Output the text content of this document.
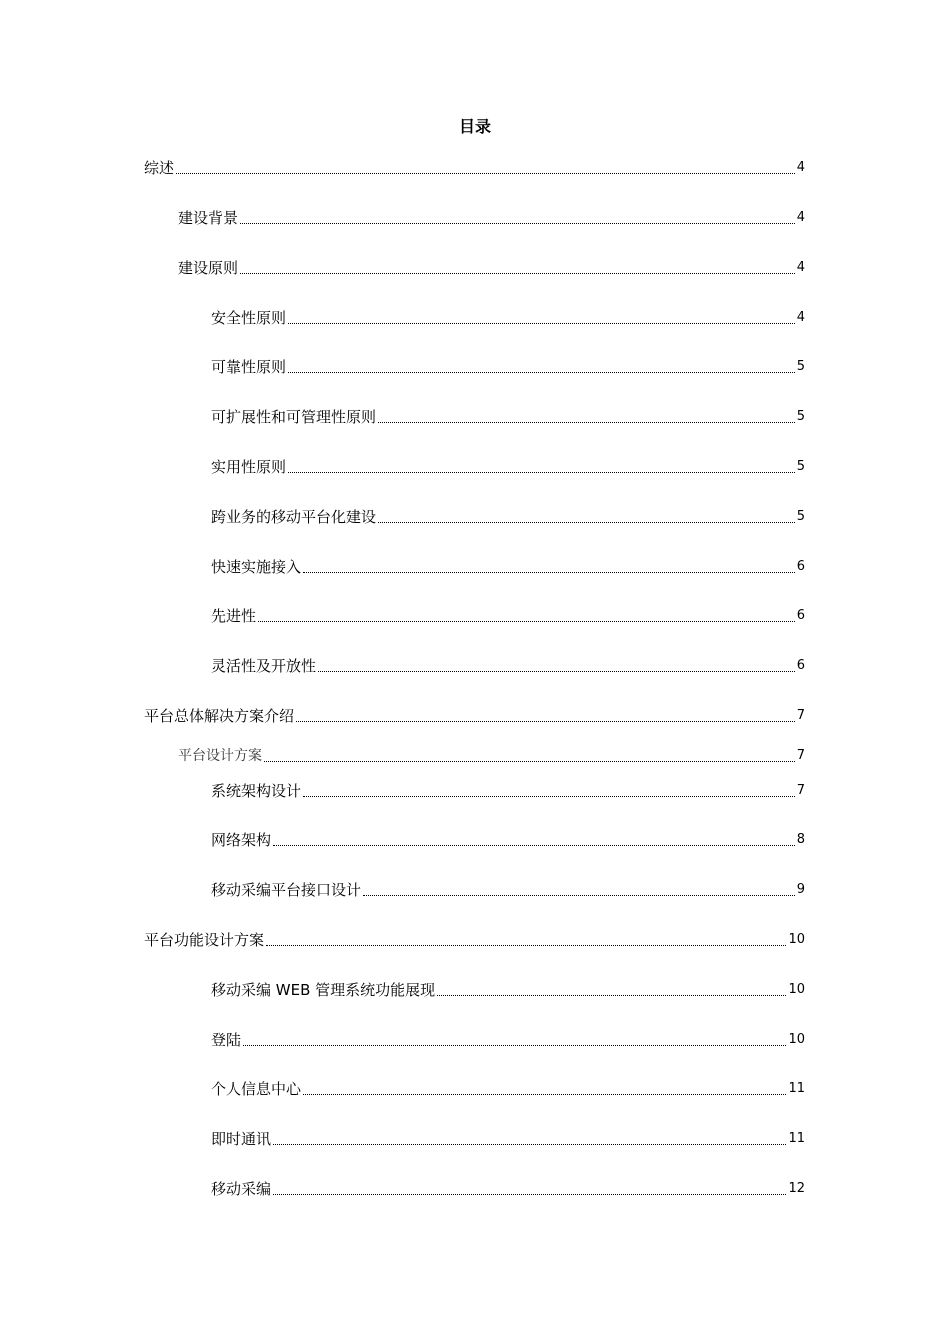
目录
综述	4
建设背景	4
建设原则	4
安全性原则	4
可靠性原则	5
可扩展性和可管理性原则	5
实用性原则	5
跨业务的移动平台化建设	5
快速实施接入	6
先进性	6
灵活性及开放性	6
平台总体解决方案介绍	7
平台设计方案	7
系统架构设计	7
网络架构	8
移动采编平台接口设计	9
平台功能设计方案	10
移动采编 WEB 管理系统功能展现	10
登陆	10
个人信息中心	11
即时通讯	11
移动采编	12
